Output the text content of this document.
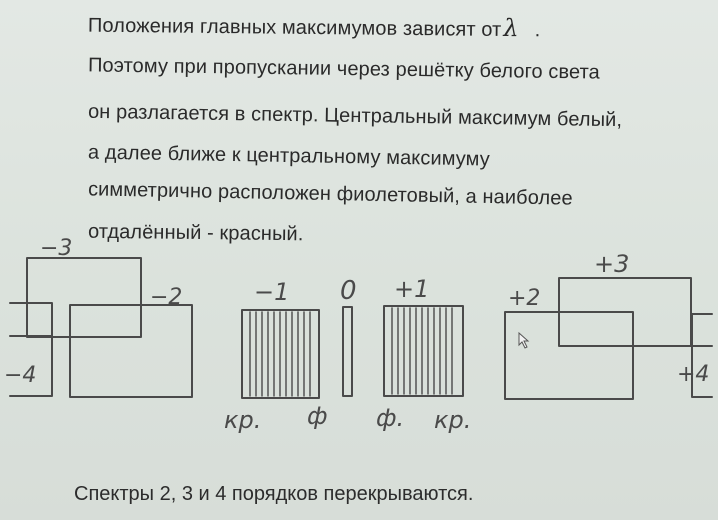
Положения главных максимумов зависят отλ .
Поэтому при пропускании через решётку белого света
он разлагается в спектр. Центральный максимум белый,
а далее ближе к центральному максимуму
симметрично расположен фиолетовый, а наиболее
отдалённый - красный.
−3
−2
−4
−1 0 +1	+2
+3
+4
кр. ф ф. кр.
Спектры 2, 3 и 4 порядков перекрываются.
